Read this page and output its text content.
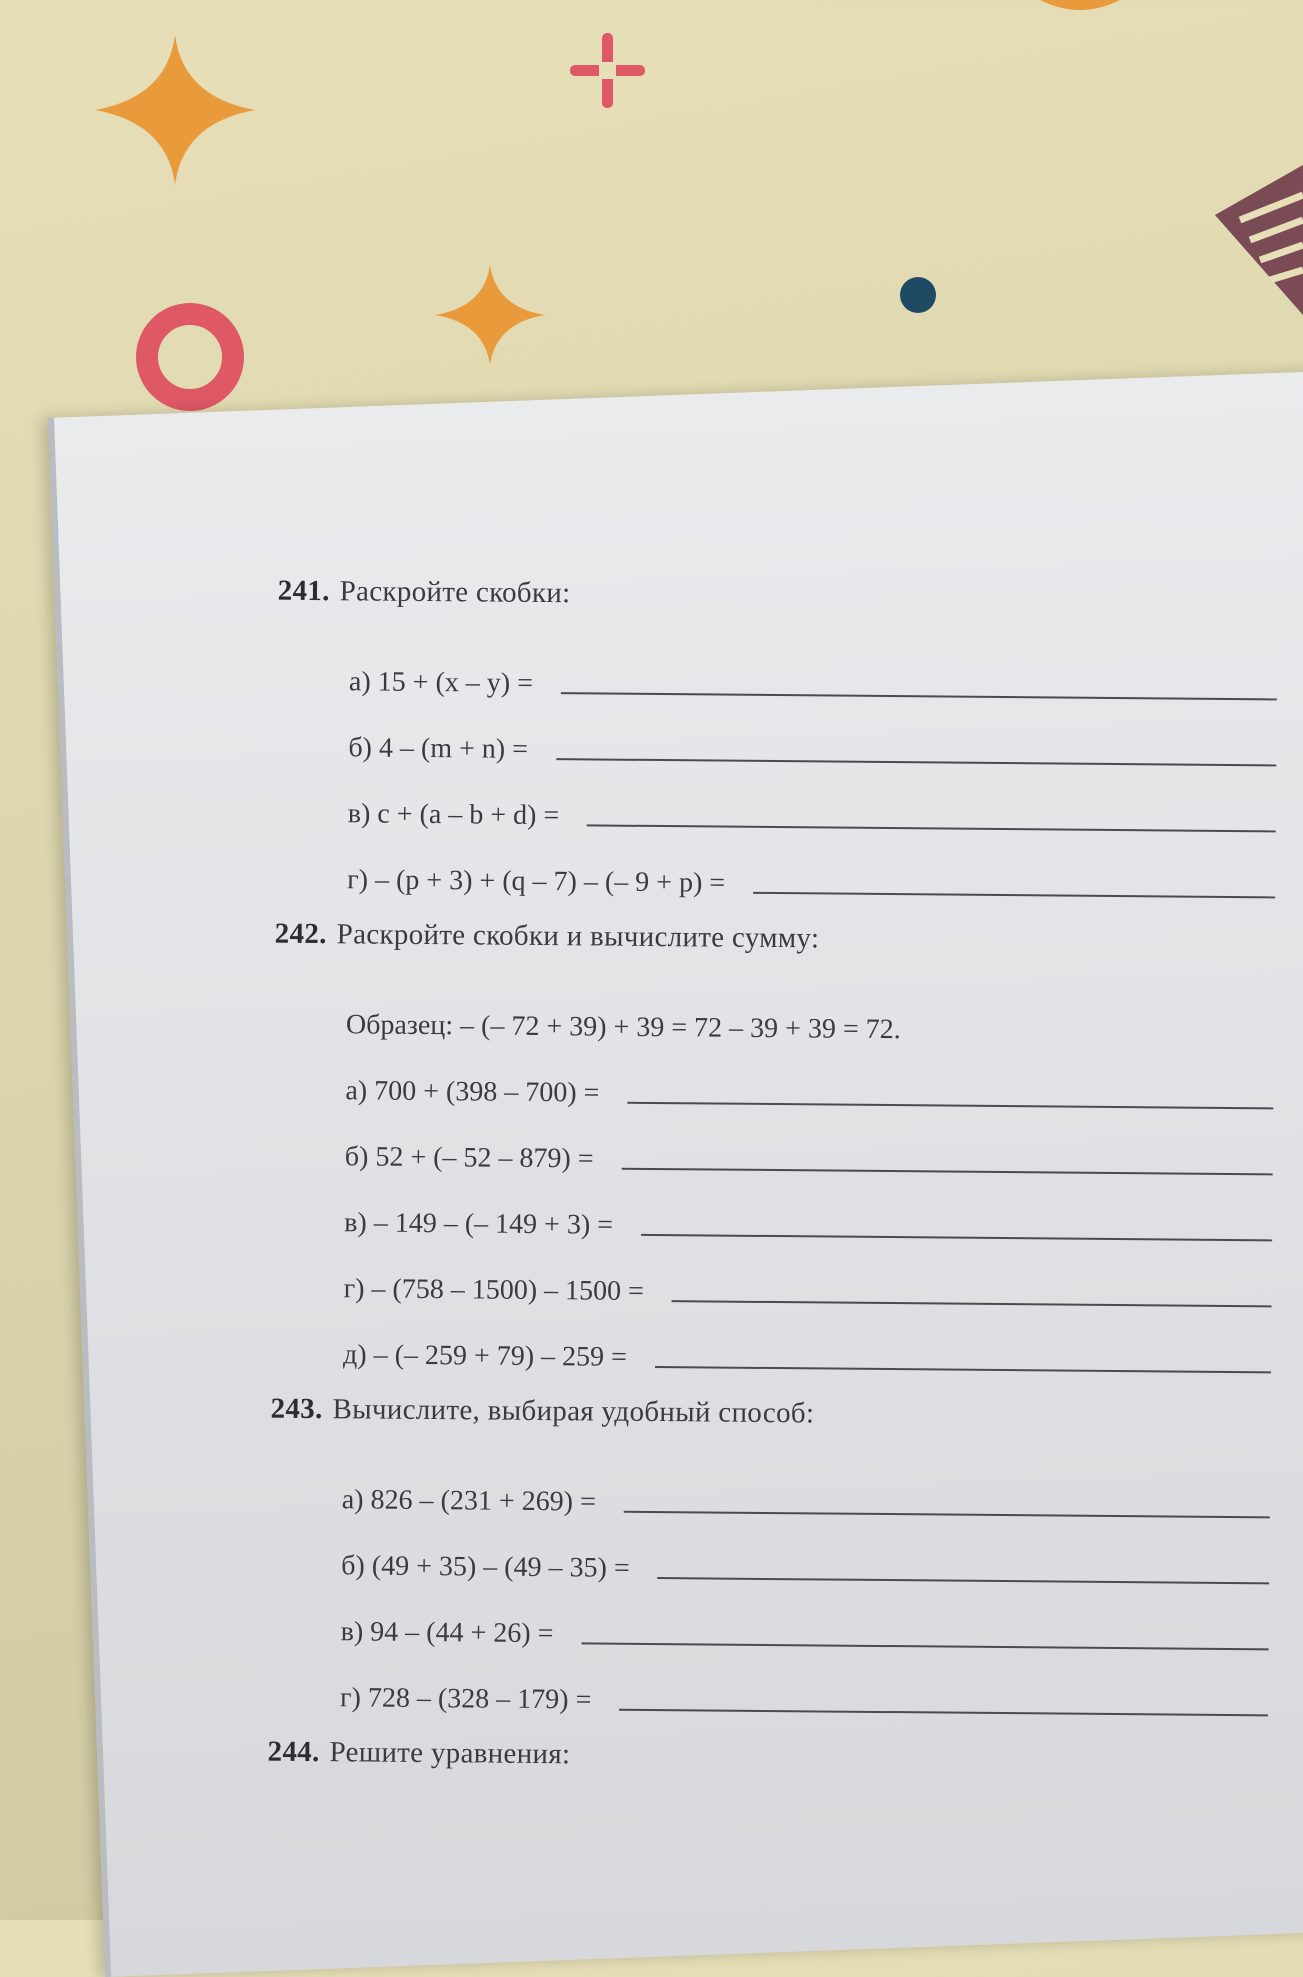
241. Раскройте скобки:
а) 15 + (x – y) =
б) 4 – (m + n) =
в) c + (a – b + d) =
г) – (p + 3) + (q – 7) – (– 9 + p) =
242. Раскройте скобки и вычислите сумму:
Образец: – (– 72 + 39) + 39 = 72 – 39 + 39 = 72.
а) 700 + (398 – 700) =
б) 52 + (– 52 – 879) =
в) – 149 – (– 149 + 3) =
г) – (758 – 1500) – 1500 =
д) – (– 259 + 79) – 259 =
243. Вычислите, выбирая удобный способ:
а) 826 – (231 + 269) =
б) (49 + 35) – (49 – 35) =
в) 94 – (44 + 26) =
г) 728 – (328 – 179) =
244. Решите уравнения:
